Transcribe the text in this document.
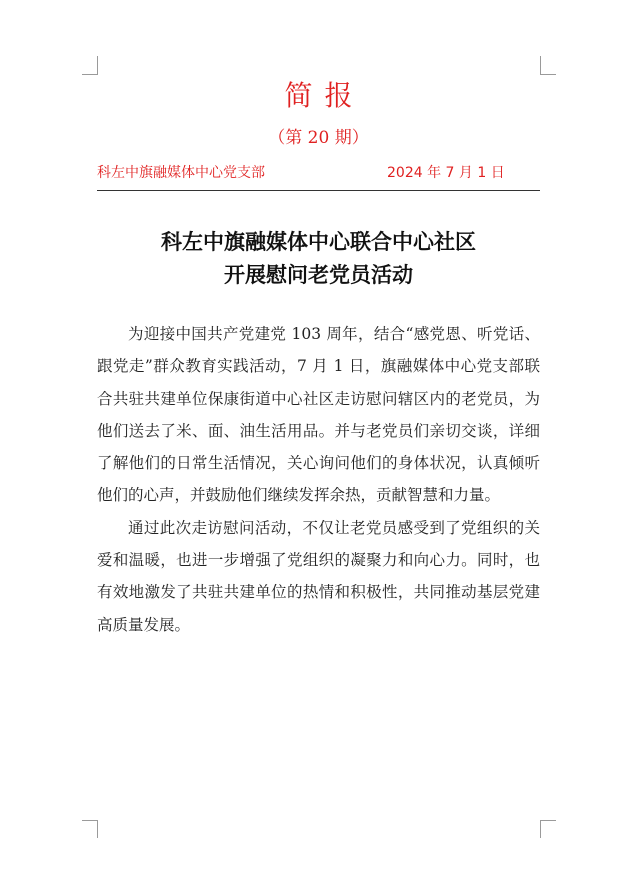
简报
（第 20 期）
科左中旗融媒体中心党支部	2024 年 7 月 1 日
科左中旗融媒体中心联合中心社区
开展慰问老党员活动

为迎接中国共产党建党 103 周年，结合“感党恩、听党话、跟党走”群众教育实践活动，7 月 1 日，旗融媒体中心党支部联合共驻共建单位保康街道中心社区走访慰问辖区内的老党员，为他们送去了米、面、油生活用品。并与老党员们亲切交谈，详细了解他们的日常生活情况，关心询问他们的身体状况，认真倾听他们的心声，并鼓励他们继续发挥余热，贡献智慧和力量。

通过此次走访慰问活动，不仅让老党员感受到了党组织的关爱和温暖，也进一步增强了党组织的凝聚力和向心力。同时，也有效地激发了共驻共建单位的热情和积极性，共同推动基层党建高质量发展。
